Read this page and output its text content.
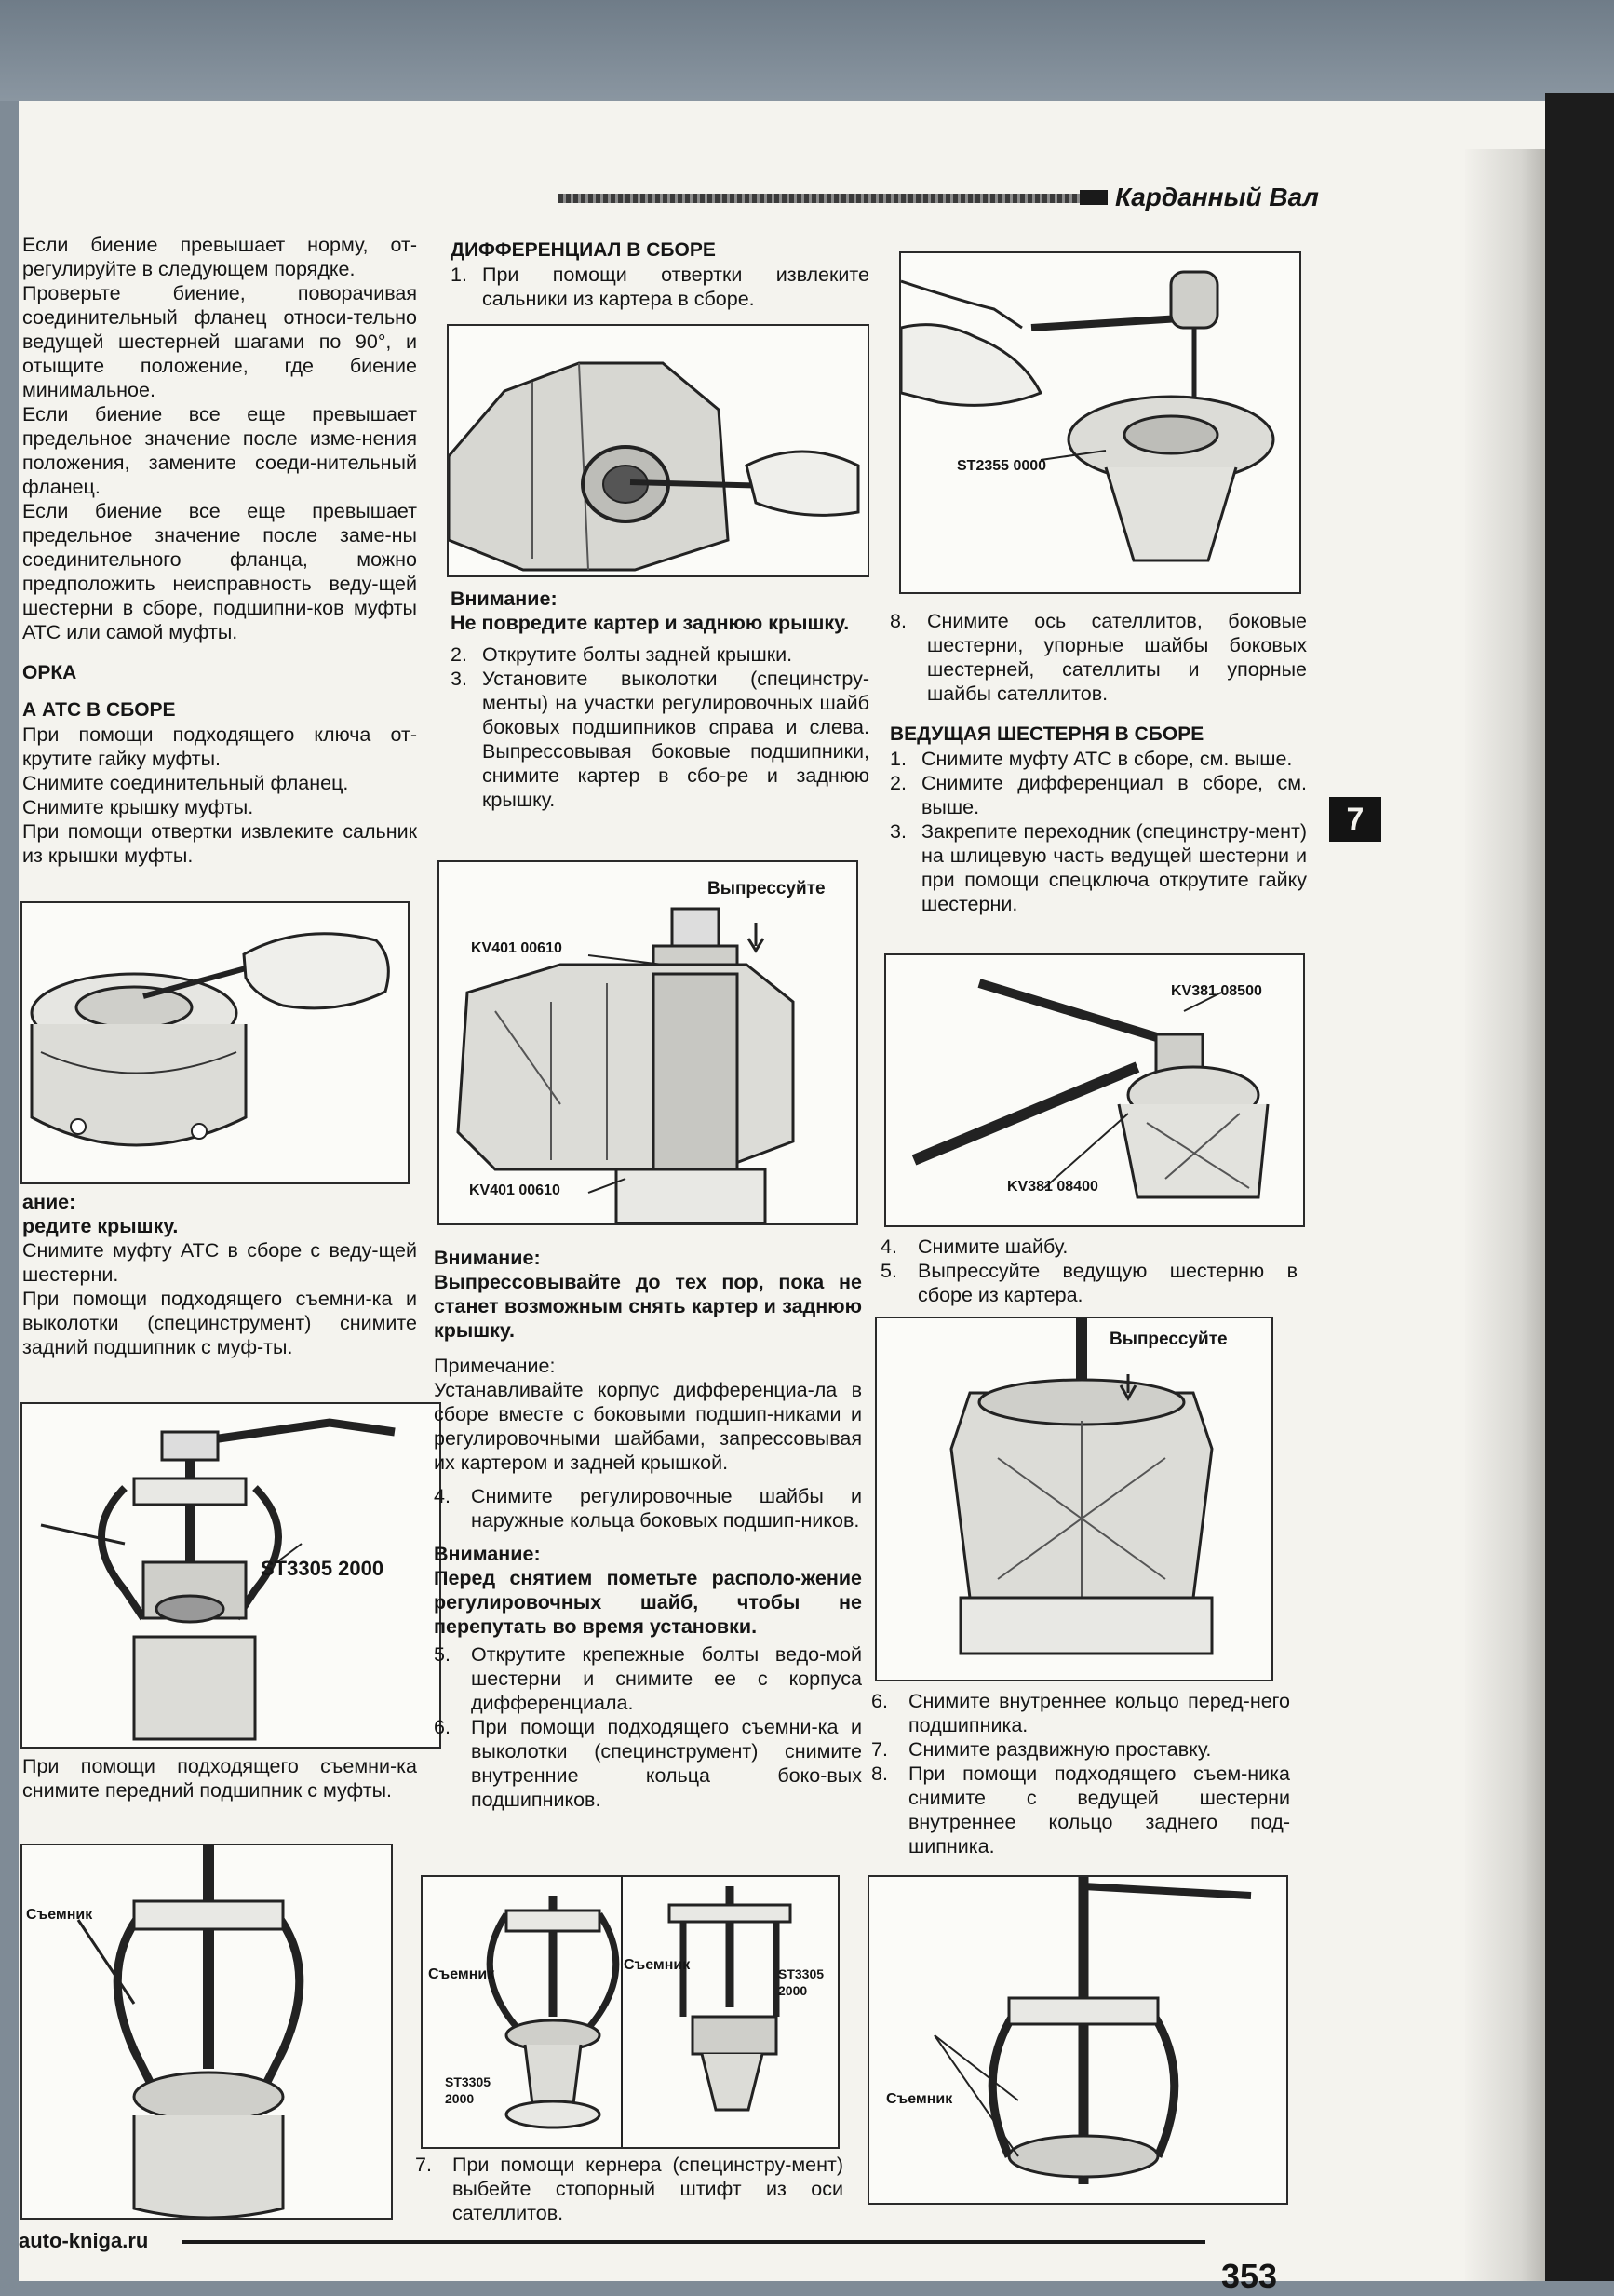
Карданный Вал

Если биение превышает норму, от-регулируйте в следующем порядке.

Проверьте биение, поворачивая соединительный фланец относи-тельно ведущей шестерней шагами по 90°, и отыщите положение, где биение минимальное.

Если биение все еще превышает предельное значение после изме-нения положения, замените соеди-нительный фланец.

Если биение все еще превышает предельное значение после заме-ны соединительного фланца, можно предположить неисправность веду-щей шестерни в сборе, подшипни-ков муфты АТС или самой муфты.

ОРКА

А АТС В СБОРЕ

При помощи подходящего ключа от-крутите гайку муфты.

Снимите соединительный фланец.

Снимите крышку муфты.

При помощи отвертки извлеките сальник из крышки муфты.

ание:

редите крышку.

Снимите муфту АТС в сборе с веду-щей шестерни.

При помощи подходящего съемни-ка и выколотки (специнструмент) снимите задний подшипник с муф-ты.

ST3305 2000

При помощи подходящего съемни-ка снимите передний подшипник с муфты.

Съемник

ДИФФЕРЕНЦИАЛ В СБОРЕ

1. При помощи отвертки извлеките сальники из картера в сборе.

Внимание:

Не повредите картер и заднюю крышку.

2. Открутите болты задней крышки.
3. Установите выколотки (специнстру-менты) на участки регулировочных шайб боковых подшипников справа и слева. Выпрессовывая боковые подшипники, снимите картер в сбо-ре и заднюю крышку.
Выпрессуйте
KV401 00610
KV401 00610

Внимание:

Выпрессовывайте до тех пор, пока не станет возможным снять картер и заднюю крышку.

Примечание:

Устанавливайте корпус дифференциа-ла в сборе вместе с боковыми подшип-никами и регулировочными шайбами, запрессовывая их картером и задней крышкой.

4.	Снимите регулировочные шайбы и наружные кольца боковых подшип-ников.

Внимание:

Перед снятием пометьте располо-жение регулировочных шайб, чтобы не перепутать во время установки.

5.	Открутите крепежные болты ведо-мой шестерни и снимите ее с корпуса дифференциала.
6.	При помощи подходящего съемни-ка и выколотки (специнструмент) снимите внутренние кольца боко-вых подшипников.
Съемник
Съемник
ST3305
2000
ST3305
2000
7.	При помощи кернера (специнстру-мент) выбейте стопорный штифт из оси сателлитов.
ST2355 0000
8.	Снимите ось сателлитов, боковые шестерни, упорные шайбы боковых шестерней, сателлиты и упорные шайбы сателлитов.

ВЕДУЩАЯ ШЕСТЕРНЯ В СБОРЕ

1. Снимите муфту АТС в сборе, см. выше.
2. Снимите дифференциал в сборе, см. выше.
3. Закрепите переходник (специнстру-мент) на шлицевую часть ведущей шестерни и при помощи спецключа открутите гайку шестерни.
KV381 08500
KV381 08400
4.	Снимите шайбу.
5.	Выпрессуйте ведущую шестерню в сборе из картера.
Выпрессуйте
6.	Снимите внутреннее кольцо перед-него подшипника.
7.	Снимите раздвижную проставку.
8.	При помощи подходящего съем-ника снимите с ведущей шестерни внутреннее кольцо заднего под-шипника.
Съемник
7
auto-kniga.ru
353
